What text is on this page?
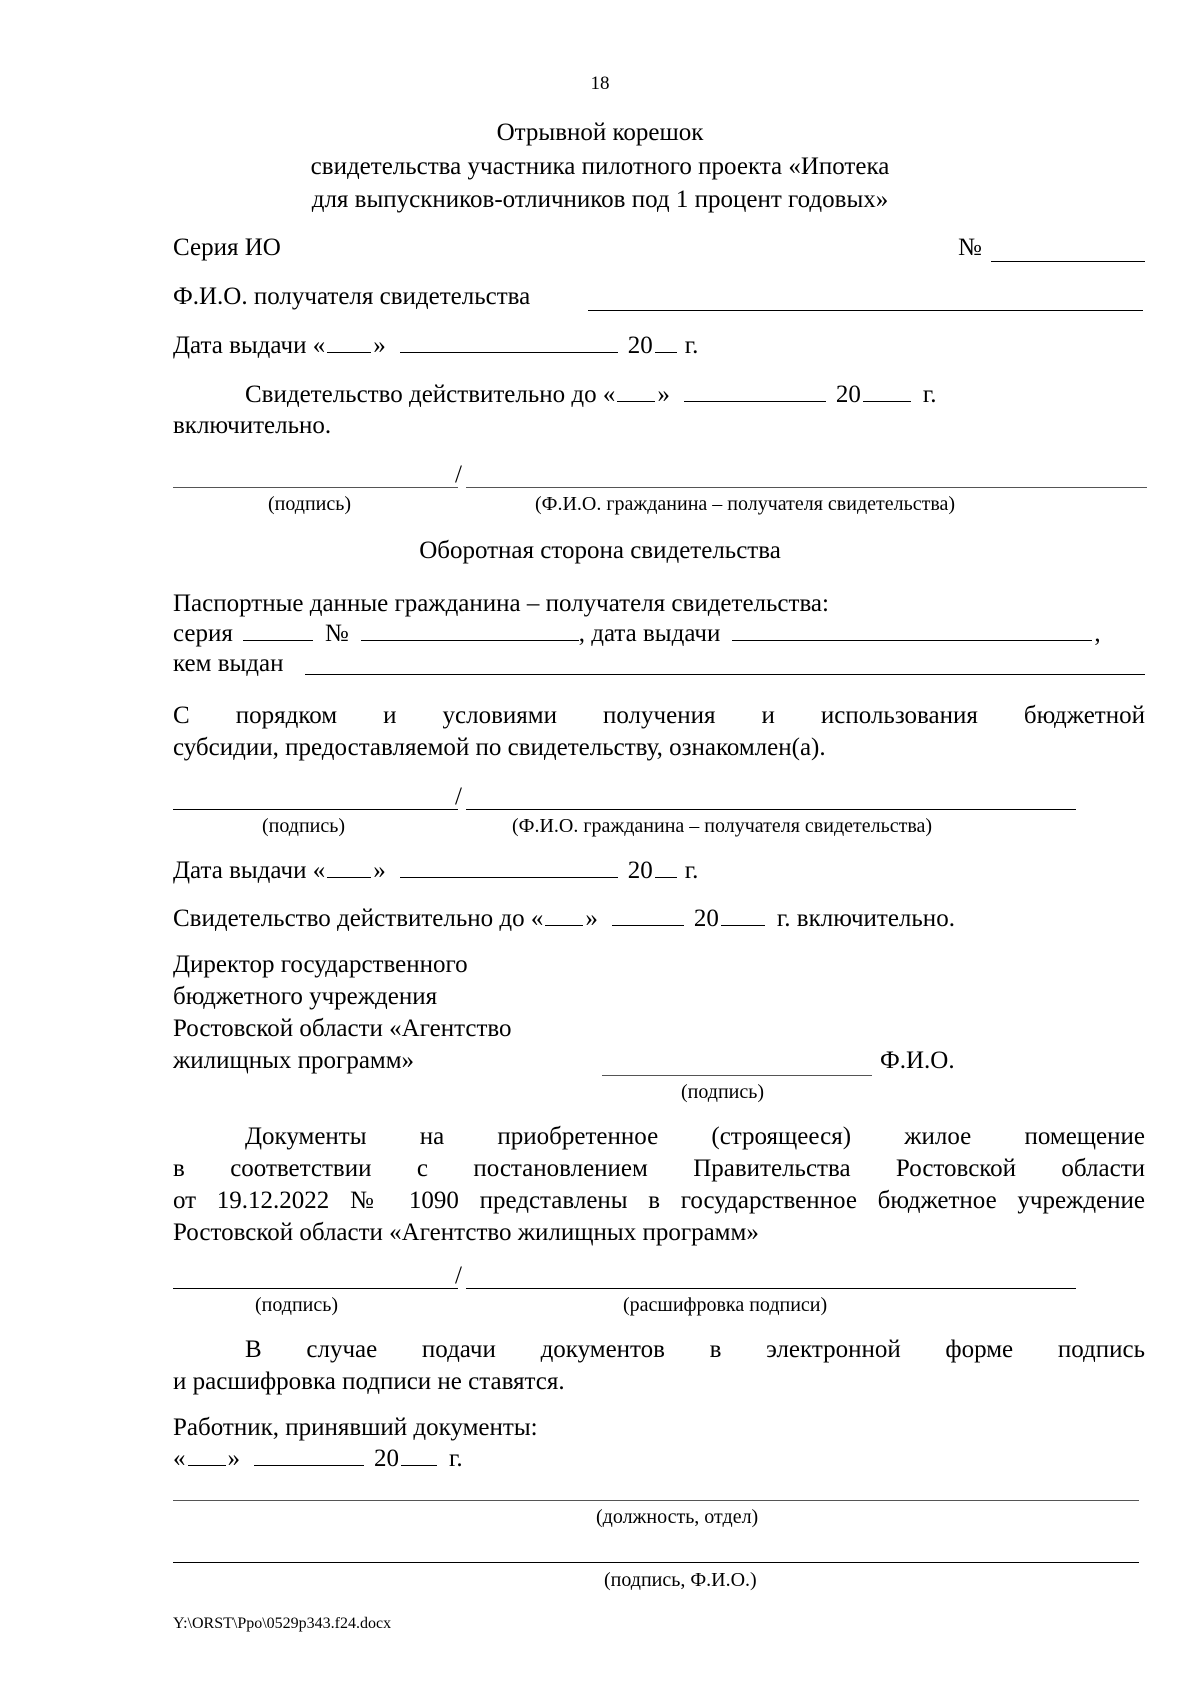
18
Отрывной корешок
свидетельства участника пилотного проекта «Ипотека
для выпускников-отличников под 1 процент годовых»
Серия ИО	№
Ф.И.О. получателя свидетельства
Дата выдачи « »	20 г.
Свидетельство действительно до « »	20 г.
включительно.
/
(подпись)	(Ф.И.О. гражданина – получателя свидетельства)
Оборотная сторона свидетельства
Паспортные данные гражданина – получателя свидетельства:
серия	№	, дата выдачи	,
кем выдан
С порядком и условиями получения и использования бюджетной
субсидии, предоставляемой по свидетельству, ознакомлен(а).
/
(подпись)	(Ф.И.О. гражданина – получателя свидетельства)
Дата выдачи « »	20 г.
Свидетельство действительно до « »	20 г. включительно.
Директор государственного
бюджетного учреждения
Ростовской области «Агентство
жилищных программ»	Ф.И.О.
(подпись)
Документы на приобретенное (строящееся) жилое помещение
в соответствии с постановлением Правительства Ростовской области
от 19.12.2022 № 1090 представлены в государственное бюджетное учреждение
Ростовской области «Агентство жилищных программ»
/
(подпись)	(расшифровка подписи)
В случае подачи документов в электронной форме подпись
и расшифровка подписи не ставятся.
Работник, принявший документы:
« »	20 г.
(должность, отдел)
(подпись, Ф.И.О.)
Y:\ORST\Ppo\0529p343.f24.docx
